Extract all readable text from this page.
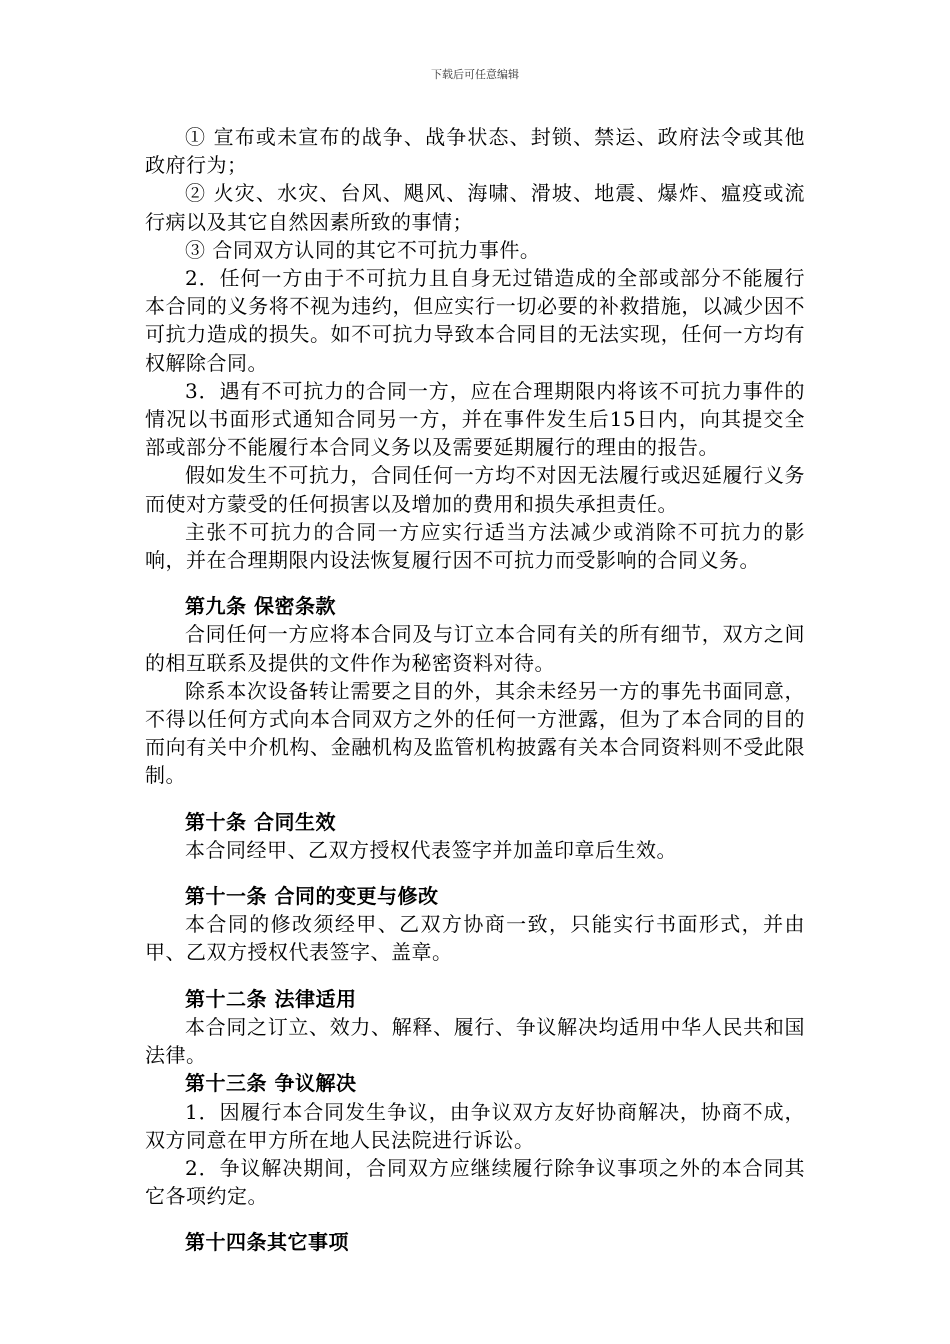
下载后可任意编辑

① 宣布或未宣布的战争、战争状态、封锁、禁运、政府法令或其他政府行为；

② 火灾、水灾、台风、飓风、海啸、滑坡、地震、爆炸、瘟疫或流行病以及其它自然因素所致的事情；

③ 合同双方认同的其它不可抗力事件。

2．任何一方由于不可抗力且自身无过错造成的全部或部分不能履行本合同的义务将不视为违约，但应实行一切必要的补救措施，以减少因不可抗力造成的损失。如不可抗力导致本合同目的无法实现，任何一方均有权解除合同。

3．遇有不可抗力的合同一方，应在合理期限内将该不可抗力事件的情况以书面形式通知合同另一方，并在事件发生后15日内，向其提交全部或部分不能履行本合同义务以及需要延期履行的理由的报告。

假如发生不可抗力，合同任何一方均不对因无法履行或迟延履行义务而使对方蒙受的任何损害以及增加的费用和损失承担责任。

主张不可抗力的合同一方应实行适当方法减少或消除不可抗力的影响，并在合理期限内设法恢复履行因不可抗力而受影响的合同义务。

第九条 保密条款

合同任何一方应将本合同及与订立本合同有关的所有细节，双方之间的相互联系及提供的文件作为秘密资料对待。

除系本次设备转让需要之目的外，其余未经另一方的事先书面同意，不得以任何方式向本合同双方之外的任何一方泄露，但为了本合同的目的而向有关中介机构、金融机构及监管机构披露有关本合同资料则不受此限制。

第十条 合同生效

本合同经甲、乙双方授权代表签字并加盖印章后生效。

第十一条 合同的变更与修改

本合同的修改须经甲、乙双方协商一致，只能实行书面形式，并由甲、乙双方授权代表签字、盖章。

第十二条 法律适用

本合同之订立、效力、解释、履行、争议解决均适用中华人民共和国法律。

第十三条 争议解决

1．因履行本合同发生争议，由争议双方友好协商解决，协商不成，双方同意在甲方所在地人民法院进行诉讼。

2．争议解决期间，合同双方应继续履行除争议事项之外的本合同其它各项约定。

第十四条其它事项
